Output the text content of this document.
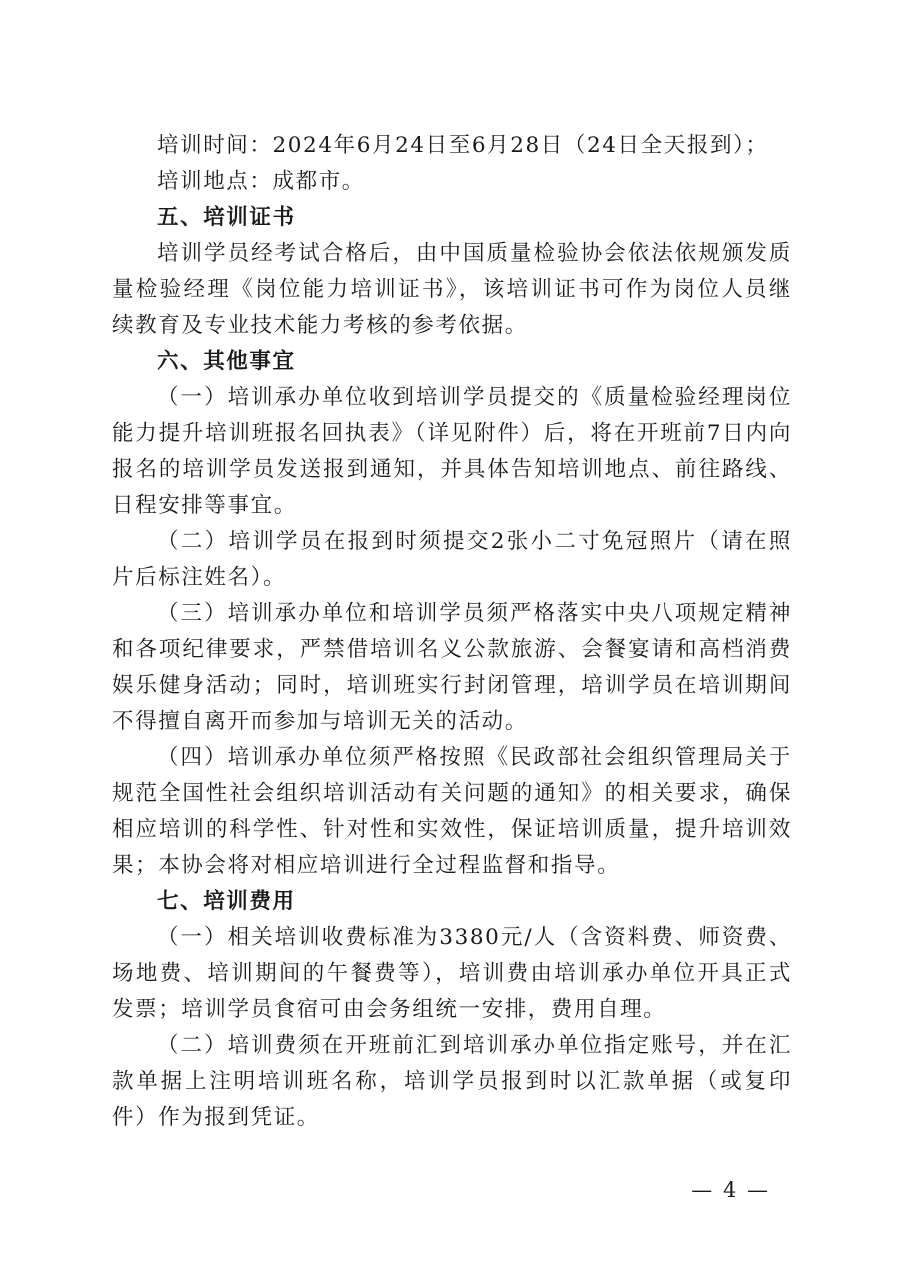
培训时间：2024年6月24日至6月28日（24日全天报到）；

培训地点：成都市。

五、培训证书

培训学员经考试合格后，由中国质量检验协会依法依规颁发质量检验经理《岗位能力培训证书》，该培训证书可作为岗位人员继续教育及专业技术能力考核的参考依据。

六、其他事宜

（一）培训承办单位收到培训学员提交的《质量检验经理岗位能力提升培训班报名回执表》（详见附件）后，将在开班前7日内向报名的培训学员发送报到通知，并具体告知培训地点、前往路线、日程安排等事宜。

（二）培训学员在报到时须提交2张小二寸免冠照片（请在照片后标注姓名）。

（三）培训承办单位和培训学员须严格落实中央八项规定精神和各项纪律要求，严禁借培训名义公款旅游、会餐宴请和高档消费娱乐健身活动；同时，培训班实行封闭管理，培训学员在培训期间不得擅自离开而参加与培训无关的活动。

（四）培训承办单位须严格按照《民政部社会组织管理局关于规范全国性社会组织培训活动有关问题的通知》的相关要求，确保相应培训的科学性、针对性和实效性，保证培训质量，提升培训效果；本协会将对相应培训进行全过程监督和指导。

七、培训费用

（一）相关培训收费标准为3380元/人（含资料费、师资费、场地费、培训期间的午餐费等），培训费由培训承办单位开具正式发票；培训学员食宿可由会务组统一安排，费用自理。

（二）培训费须在开班前汇到培训承办单位指定账号，并在汇款单据上注明培训班名称，培训学员报到时以汇款单据（或复印件）作为报到凭证。

— 4 —
